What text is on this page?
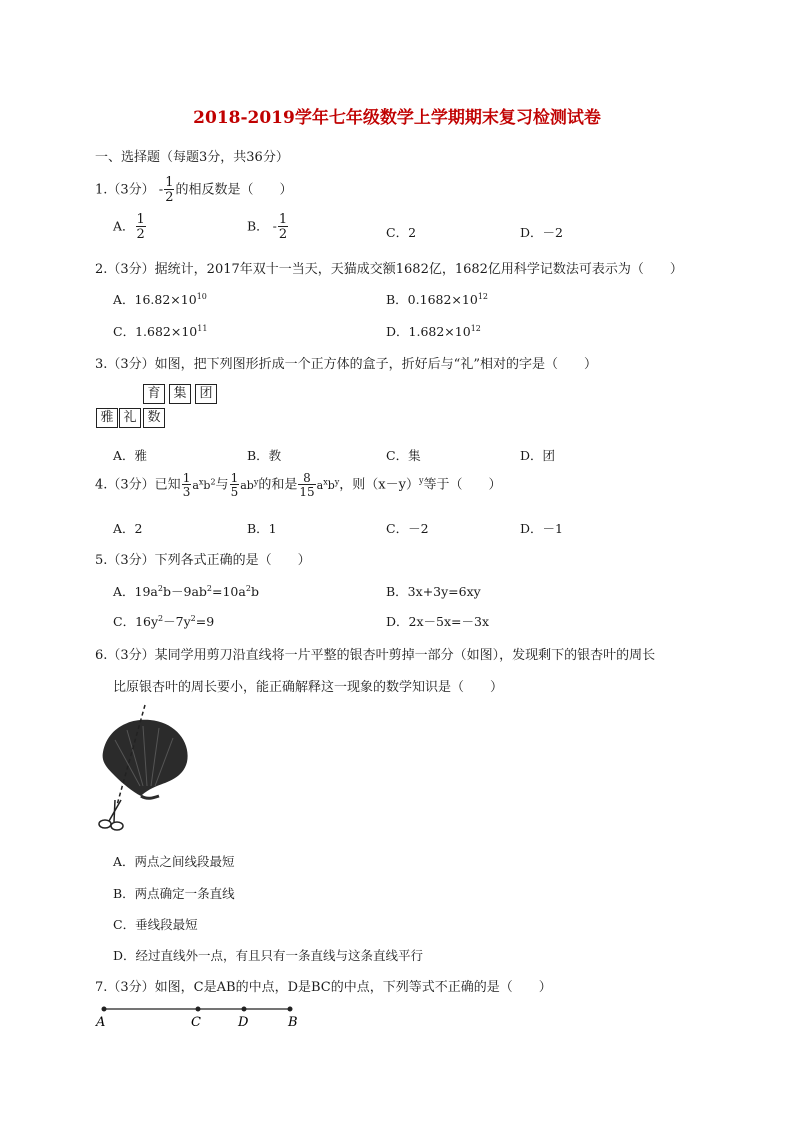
2018-2019学年七年级数学上学期期末复习检测试卷
一、选择题（每题3分，共36分）
1.（3分） - $\frac{1}{2}$ 的相反数是（　　）
A． $\frac{1}{2}$	B． - $\frac{1}{2}$	C．2	D．－2
2.（3分）据统计，2017年双十一当天，天猫成交额1682亿，1682亿用科学记数法可表示为（　　）
A．$16.82\times 10^{10}$	B．$0.1682\times 10^{12}$
C．$1.682\times 10^{11}$	D．$1.682\times 10^{12}$
3.（3分）如图，把下列图形折成一个正方体的盒子，折好后与“礼”相对的字是（　　）
育 集 团
雅 礼 数
A．雅	B．教	C．集	D．团
4.（3分）已知 $\frac{1}{3} a^xb^2$与 $\frac{1}{5} ab^y$的和是 $\frac{8}{15} a^xb^y$，则$(x-y)^y$等于（　　）
A．2	B．1	C．－2	D．－1
5.（3分）下列各式正确的是（　　）
A．$19a^2b-9ab^2=10a^2b$	B．3x+3y=6xy
C．$16y^2-7y^2=9$	D．2x－5x=－3x
6.（3分）某同学用剪刀沿直线将一片平整的银杏叶剪掉一部分（如图），发现剩下的银杏叶的周长
比原银杏叶的周长要小，能正确解释这一现象的数学知识是（　　）
A．两点之间线段最短
B．两点确定一条直线
C．垂线段最短
D．经过直线外一点，有且只有一条直线与这条直线平行
7.（3分）如图，C是AB的中点，D是BC的中点，下列等式不正确的是（　　）
A	C	D	B
